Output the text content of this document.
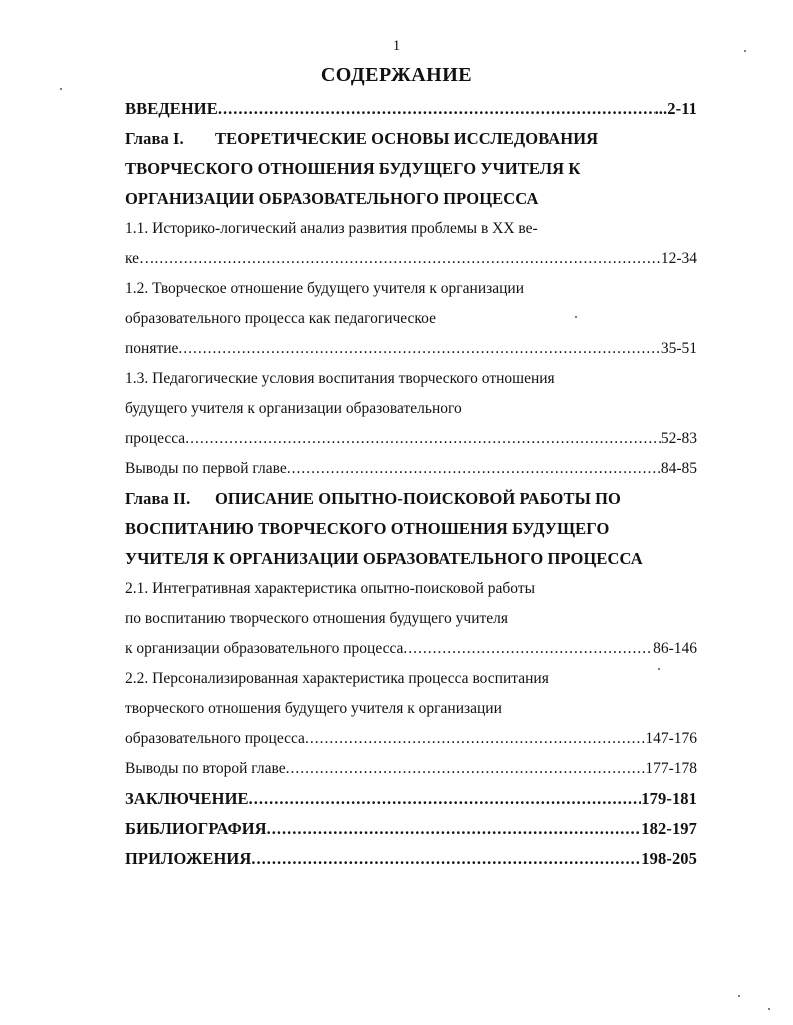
1
СОДЕРЖАНИЕ
ВВЕДЕНИЕ .....	...2-11
Глава I. ТЕОРЕТИЧЕСКИЕ ОСНОВЫ ИССЛЕДОВАНИЯ
ТВОРЧЕСКОГО ОТНОШЕНИЯ БУДУЩЕГО УЧИТЕЛЯ К
ОРГАНИЗАЦИИ ОБРАЗОВАТЕЛЬНОГО ПРОЦЕССА
1.1. Историко-логический анализ развития проблемы в XX ве-
ке… .....	12-34
1.2. Творческое отношение будущего учителя к организации
образовательного процесса как педагогическое
понятие .....	35-51
1.3. Педагогические условия воспитания творческого отношения
будущего учителя к организации образовательного
процесса .....	52-83
Выводы по первой главе .....	84-85
Глава II. ОПИСАНИЕ ОПЫТНО-ПОИСКОВОЙ РАБОТЫ ПО
ВОСПИТАНИЮ ТВОРЧЕСКОГО ОТНОШЕНИЯ БУДУЩЕГО
УЧИТЕЛЯ К ОРГАНИЗАЦИИ ОБРАЗОВАТЕЛЬНОГО ПРОЦЕССА
2.1. Интегративная характеристика опытно-поисковой работы
по воспитанию творческого отношения будущего учителя
к организации образовательного процесса .....	86-146
2.2. Персонализированная характеристика процесса воспитания
творческого отношения будущего учителя к организации
образовательного процесса .....	147-176
Выводы по второй главе .....	177-178
ЗАКЛЮЧЕНИЕ .....	179-181
БИБЛИОГРАФИЯ .....	182-197
ПРИЛОЖЕНИЯ .....	198-205
